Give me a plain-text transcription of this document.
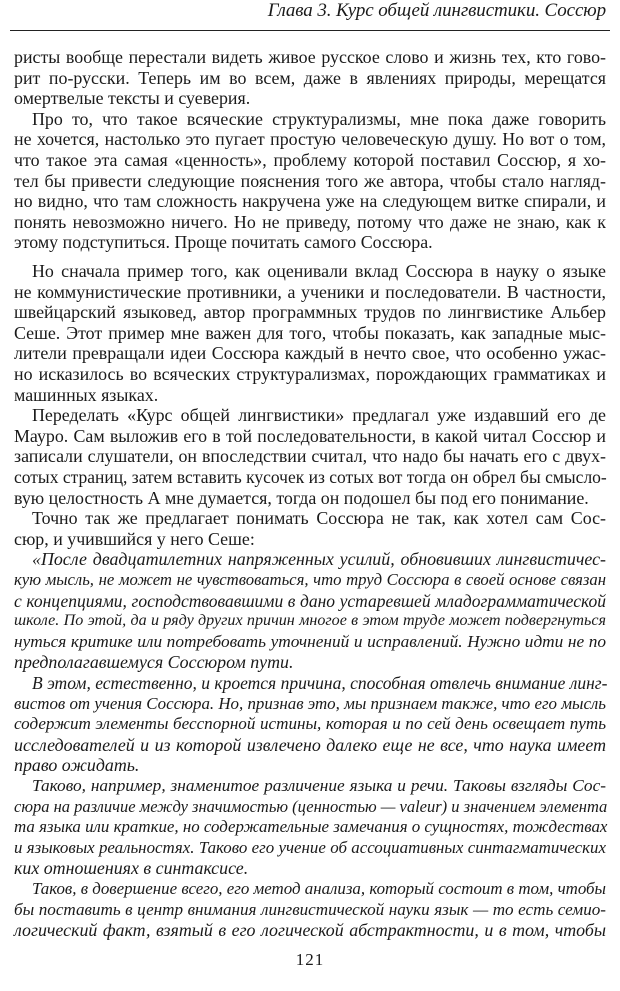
Глава 3. Курс общей лингвистики. Соссюр
ристы вообще перестали видеть живое русское слово и жизнь тех, кто гово-
рит по-русски. Теперь им во всем, даже в явлениях природы, мерещатся
омертвелые тексты и суеверия.
Про то, что такое всяческие структурализмы, мне пока даже говорить
не хочется, настолько это пугает простую человеческую душу. Но вот о том,
что такое эта самая «ценность», проблему которой поставил Соссюр, я хо-
тел бы привести следующие пояснения того же автора, чтобы стало нагляд-
но видно, что там сложность накручена уже на следующем витке спирали, и
понять невозможно ничего. Но не приведу, потому что даже не знаю, как к
этому подступиться. Проще почитать самого Соссюра.
Но сначала пример того, как оценивали вклад Соссюра в науку о языке
не коммунистические противники, а ученики и последователи. В частности,
швейцарский языковед, автор программных трудов по лингвистике Альбер
Сеше. Этот пример мне важен для того, чтобы показать, как западные мыс-
лители превращали идеи Соссюра каждый в нечто свое, что особенно ужас-
но исказилось во всяческих структурализмах, порождающих грамматиках и
машинных языках.
Переделать «Курс общей лингвистики» предлагал уже издавший его де
Мауро. Сам выложив его в той последовательности, в какой читал Соссюр и
записали слушатели, он впоследствии считал, что надо бы начать его с двух-
сотых страниц, затем вставить кусочек из сотых вот тогда он обрел бы смысло-
вую целостность А мне думается, тогда он подошел бы под его понимание.
Точно так же предлагает понимать Соссюра не так, как хотел сам Сос-
сюр, и учившийся у него Сеше:
«После двадцатилетних напряженных усилий, обновивших лингвистичес-
кую мысль, не может не чувствоваться, что труд Соссюра в своей основе связан
с концепциями, господствовавшими в дано устаревшей младограмматической
школе. По этой, да и ряду других причин многое в этом труде может подвергнуться
нуться критике или потребовать уточнений и исправлений. Нужно идти не по
предполагавшемуся Соссюром пути.
В этом, естественно, и кроется причина, способная отвлечь внимание линг-
вистов от учения Соссюра. Но, признав это, мы признаем также, что его мысль
содержит элементы бесспорной истины, которая и по сей день освещает путь
исследователей и из которой извлечено далеко еще не все, что наука имеет
право ожидать.
Таково, например, знаменитое различение языка и речи. Таковы взгляды Сос-
сюра на различие между значимостью (ценностью — valeur) и значением элемента
та языка или краткие, но содержательные замечания о сущностях, тождествах
и языковых реальностях. Таково его учение об ассоциативных синтагматических
ких отношениях в синтаксисе.
Таков, в довершение всего, его метод анализа, который состоит в том, чтобы
бы поставить в центр внимания лингвистической науки язык — то есть семио-
логический факт, взятый в его логической абстрактности, и в том, чтобы
121
